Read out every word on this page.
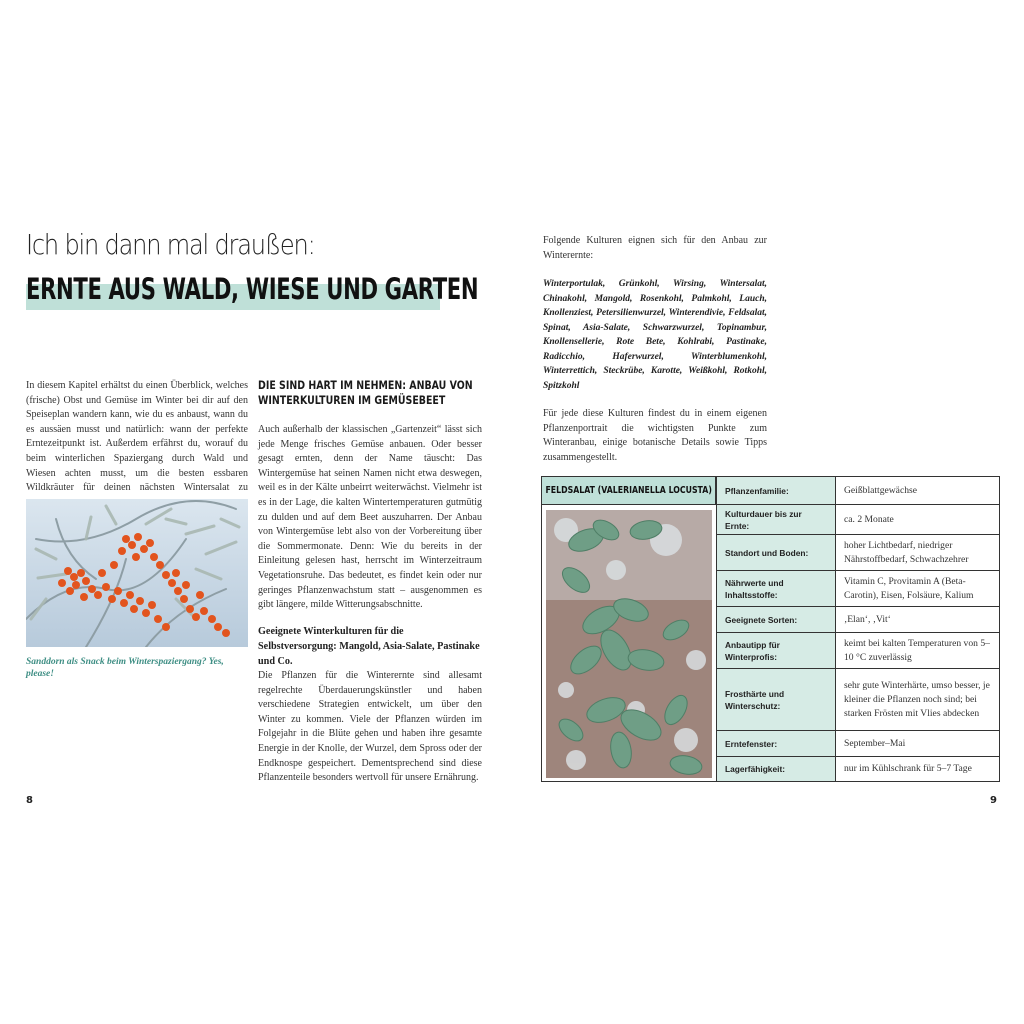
Ich bin dann mal draußen:
ERNTE AUS WALD, WIESE UND GARTEN

In diesem Kapitel erhältst du einen Überblick, welches (frische) Obst und Gemüse im Winter bei dir auf den Speiseplan wandern kann, wie du es anbaust, wann du es aussäen musst und natürlich: wann der perfekte Erntezeitpunkt ist. Außerdem erfährst du, worauf du beim winterlichen Spaziergang durch Wald und Wiesen achten musst, um die besten essbaren Wildkräuter für deinen nächsten Wintersalat zu

Sanddorn als Snack beim Winterspaziergang? Yes, please!
DIE SIND HART IM NEHMEN: ANBAU VON WINTERKULTUREN IM GEMÜSEBEET

Auch außerhalb der klassischen „Gartenzeit“ lässt sich jede Menge frisches Gemüse anbauen. Oder besser gesagt ernten, denn der Name täuscht: Das Wintergemüse hat seinen Namen nicht etwa deswegen, weil es in der Kälte unbeirrt weiterwächst. Vielmehr ist es in der Lage, die kalten Wintertemperaturen gutmütig zu dulden und auf dem Beet auszuharren. Der Anbau von Wintergemüse lebt also von der Vorbereitung über die Sommermonate. Denn: Wie du bereits in der Einleitung gelesen hast, herrscht im Winterzeitraum Vegetationsruhe. Das bedeutet, es findet kein oder nur geringes Pflanzenwachstum statt – ausgenommen es gibt längere, milde Witterungsabschnitte.

Geeignete Winterkulturen für die Selbstversorgung: Mangold, Asia-Salate, Pastinake und Co.

Die Pflanzen für die Winterernte sind allesamt regelrechte Überdauerungskünstler und haben verschiedene Strategien entwickelt, um über den Winter zu kommen. Viele der Pflanzen würden im Folgejahr in die Blüte gehen und haben ihre gesamte Energie in der Knolle, der Wurzel, dem Spross oder der Endknospe gespeichert. Dementsprechend sind diese Pflanzenteile besonders wertvoll für unsere Ernährung.

8

Folgende Kulturen eignen sich für den Anbau zur Winterernte:

Winterportulak, Grünkohl, Wirsing, Wintersalat, Chinakohl, Mangold, Rosenkohl, Palmkohl, Lauch, Knollenziest, Petersilienwurzel, Winterendivie, Feldsalat, Spinat, Asia-Salate, Schwarzwurzel, Topinambur, Knollensellerie, Rote Bete, Kohlrabi, Pastinake, Radicchio, Haferwurzel, Winterblumenkohl, Winterrettich, Steckrübe, Karotte, Weißkohl, Rotkohl, Spitzkohl

Für jede diese Kulturen findest du in einem eigenen Pflanzenportrait die wichtigsten Punkte zum Winteranbau, einige botanische Details sowie Tipps zusammengestellt.

FELDSALAT (VALERIANELLA LOCUSTA)	Pflanzenfamilie:	Geißblattgewächse
Kulturdauer bis zur Ernte:
ca. 2 Monate
Standort und Boden:
hoher Lichtbedarf, niedriger Nährstoffbedarf, Schwachzehrer
Nährwerte und Inhaltsstoffe:
Vitamin C, Provitamin A (Beta-Carotin), Eisen, Folsäure, Kalium
Geeignete Sorten:	‚Elan‘, ‚Vit‘
Anbautipp für Winterprofis:
keimt bei kalten Temperaturen von 5–10 °C zuverlässig
Frosthärte und Winterschutz:
sehr gute Winterhärte, umso besser, je kleiner die Pflanzen noch sind; bei starken Frösten mit Vlies abdecken
Erntefenster:	September–Mai
Lagerfähigkeit:	nur im Kühlschrank für 5–7 Tage
9
